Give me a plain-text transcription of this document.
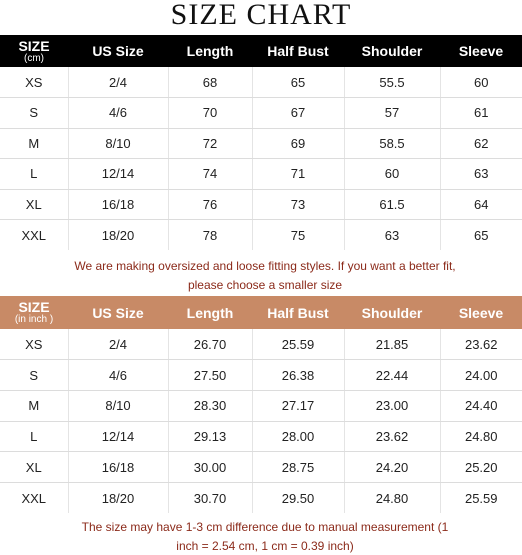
SIZE CHART
SIZE
(cm)	US Size	Length	Half Bust	Shoulder	Sleeve
XS	2/4	68	65	55.5	60
S	4/6	70	67	57	61
M	8/10	72	69	58.5	62
L	12/14	74	71	60	63
XL	16/18	76	73	61.5	64
XXL	18/20	78	75	63	65
We are making oversized and loose fitting styles. If you want a better fit,
please choose a smaller size
SIZE
(in inch )	US Size	Length	Half Bust	Shoulder	Sleeve
XS	2/4	26.70	25.59	21.85	23.62
S	4/6	27.50	26.38	22.44	24.00
M	8/10	28.30	27.17	23.00	24.40
L	12/14	29.13	28.00	23.62	24.80
XL	16/18	30.00	28.75	24.20	25.20
XXL	18/20	30.70	29.50	24.80	25.59
The size may have 1-3 cm difference due to manual measurement (1
inch = 2.54 cm, 1 cm = 0.39 inch)
